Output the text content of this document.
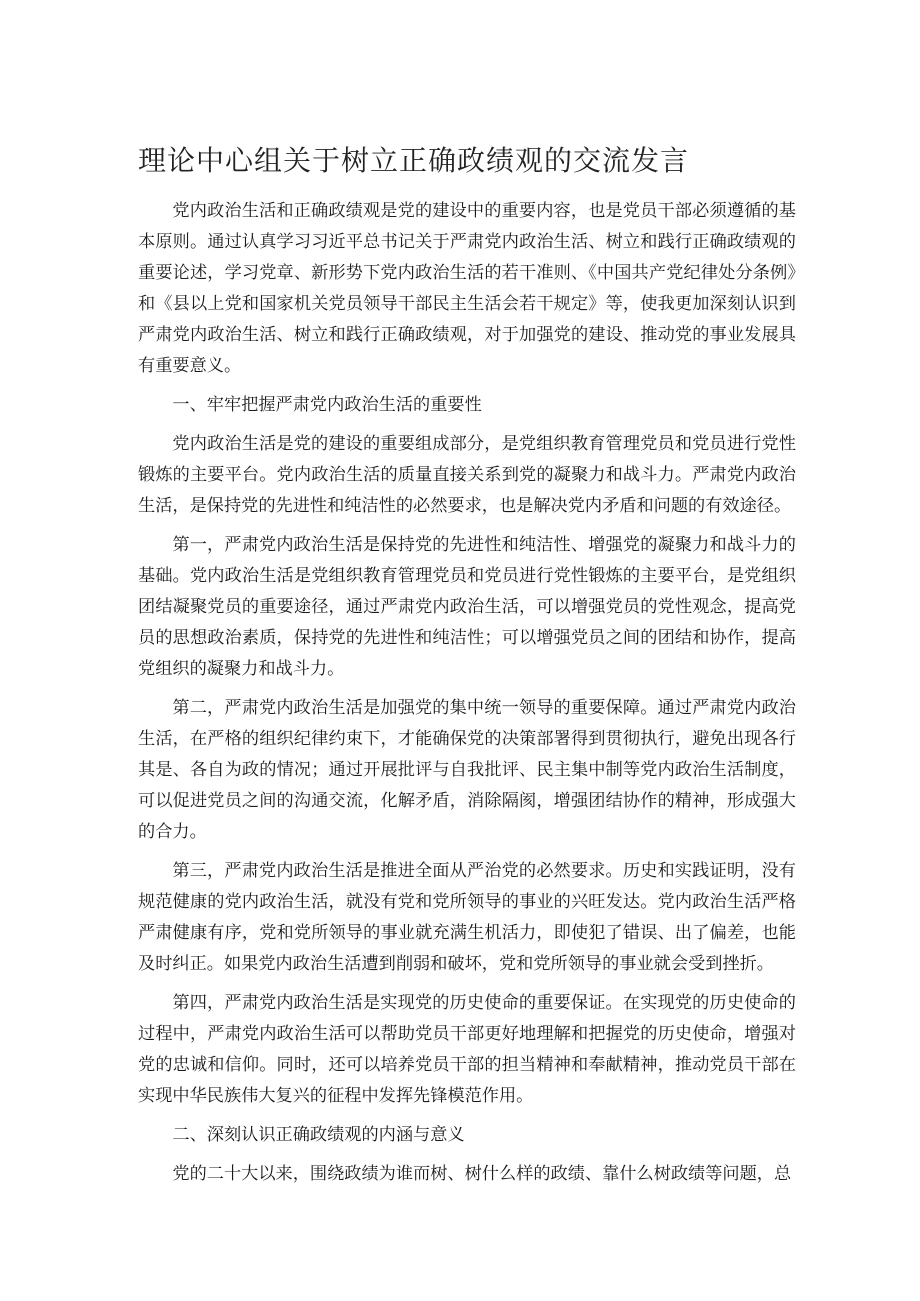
理论中心组关于树立正确政绩观的交流发言

党内政治生活和正确政绩观是党的建设中的重要内容，也是党员干部必须遵循的基本原则。通过认真学习习近平总书记关于严肃党内政治生活、树立和践行正确政绩观的重要论述，学习党章、新形势下党内政治生活的若干准则、《中国共产党纪律处分条例》和《县以上党和国家机关党员领导干部民主生活会若干规定》等，使我更加深刻认识到严肃党内政治生活、树立和践行正确政绩观，对于加强党的建设、推动党的事业发展具有重要意义。

一、牢牢把握严肃党内政治生活的重要性

党内政治生活是党的建设的重要组成部分，是党组织教育管理党员和党员进行党性锻炼的主要平台。党内政治生活的质量直接关系到党的凝聚力和战斗力。严肃党内政治生活，是保持党的先进性和纯洁性的必然要求，也是解决党内矛盾和问题的有效途径。

第一，严肃党内政治生活是保持党的先进性和纯洁性、增强党的凝聚力和战斗力的基础。党内政治生活是党组织教育管理党员和党员进行党性锻炼的主要平台，是党组织团结凝聚党员的重要途径，通过严肃党内政治生活，可以增强党员的党性观念，提高党员的思想政治素质，保持党的先进性和纯洁性；可以增强党员之间的团结和协作，提高党组织的凝聚力和战斗力。

第二，严肃党内政治生活是加强党的集中统一领导的重要保障。通过严肃党内政治生活，在严格的组织纪律约束下，才能确保党的决策部署得到贯彻执行，避免出现各行其是、各自为政的情况；通过开展批评与自我批评、民主集中制等党内政治生活制度，可以促进党员之间的沟通交流，化解矛盾，消除隔阂，增强团结协作的精神，形成强大的合力。

第三，严肃党内政治生活是推进全面从严治党的必然要求。历史和实践证明，没有规范健康的党内政治生活，就没有党和党所领导的事业的兴旺发达。党内政治生活严格严肃健康有序，党和党所领导的事业就充满生机活力，即使犯了错误、出了偏差，也能及时纠正。如果党内政治生活遭到削弱和破坏，党和党所领导的事业就会受到挫折。

第四，严肃党内政治生活是实现党的历史使命的重要保证。在实现党的历史使命的过程中，严肃党内政治生活可以帮助党员干部更好地理解和把握党的历史使命，增强对党的忠诚和信仰。同时，还可以培养党员干部的担当精神和奉献精神，推动党员干部在实现中华民族伟大复兴的征程中发挥先锋模范作用。

二、深刻认识正确政绩观的内涵与意义

党的二十大以来，围绕政绩为谁而树、树什么样的政绩、靠什么树政绩等问题，总
